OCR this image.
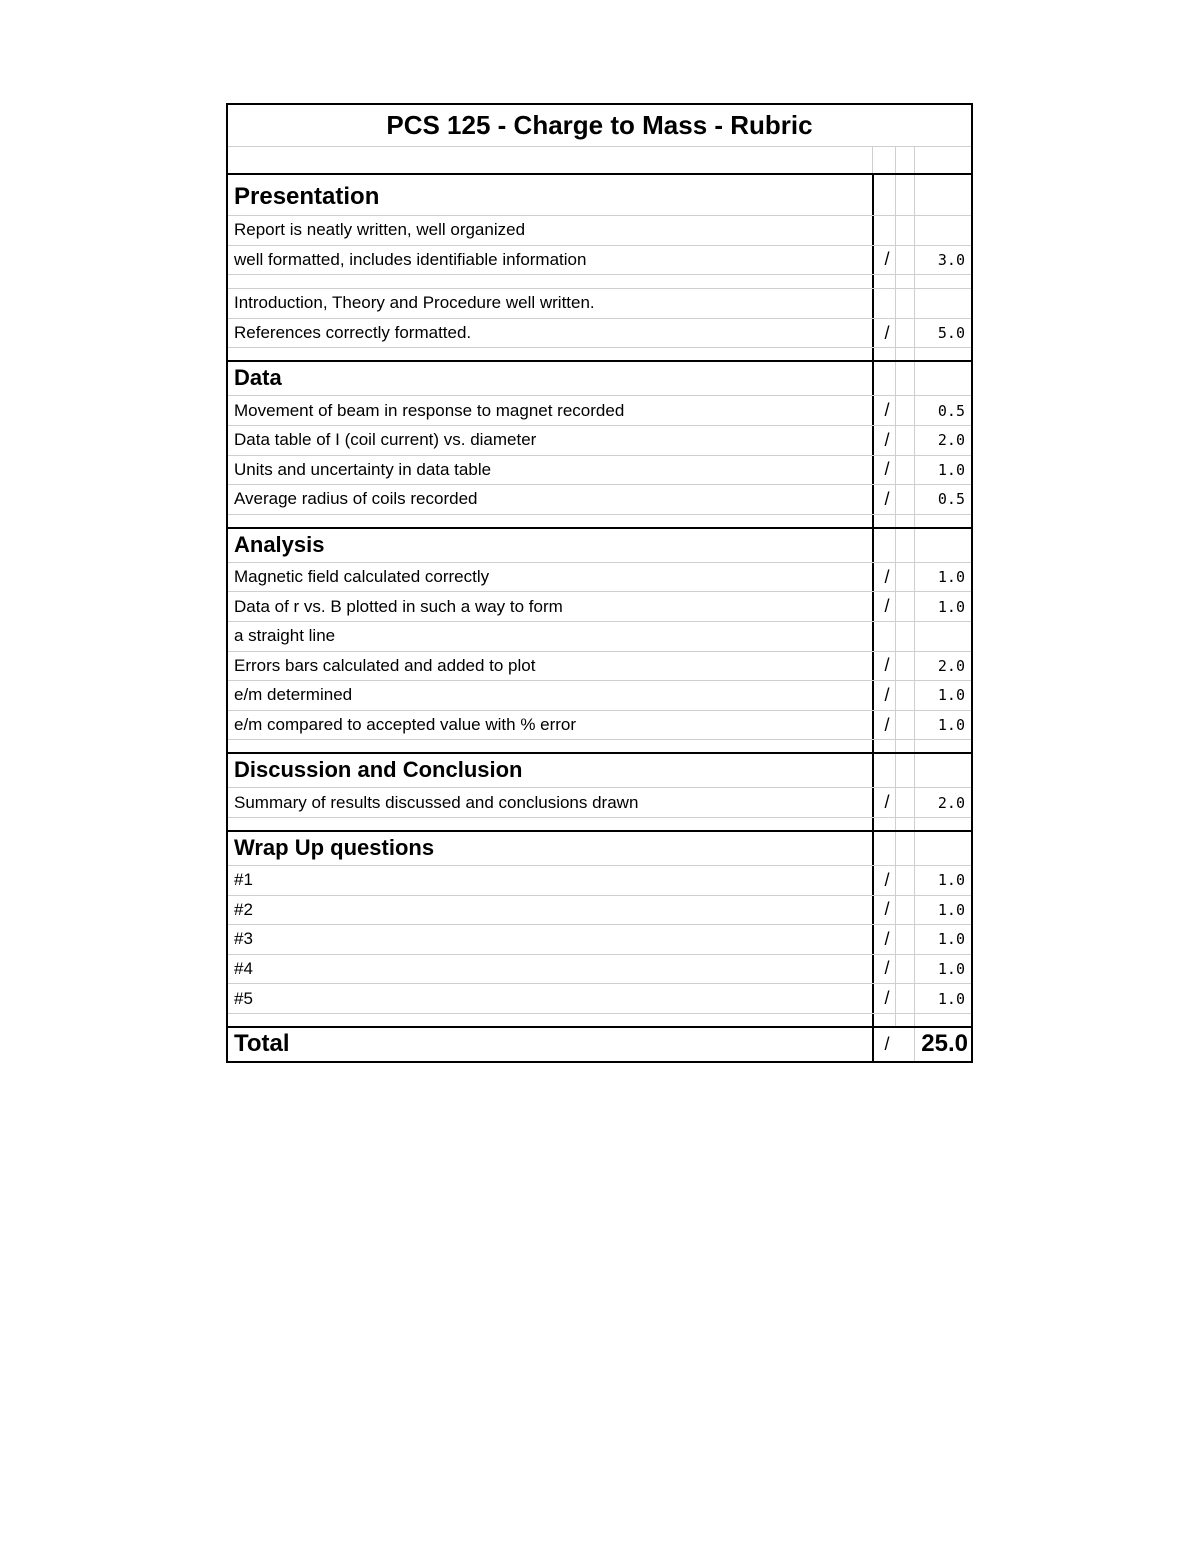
PCS 125 - Charge to Mass - Rubric
Presentation
Report is neatly written, well organized
well formatted, includes identifiable information	/	3.0
Introduction, Theory and Procedure well written.
References correctly formatted.	/	5.0
Data
Movement of beam in response to magnet recorded	/	0.5
Data table of I (coil current) vs. diameter	/	2.0
Units and uncertainty in data table	/	1.0
Average radius of coils recorded	/	0.5
Analysis
Magnetic field calculated correctly	/	1.0
Data of r vs. B plotted in such a way to form	/	1.0
a straight line
Errors bars calculated and added to plot	/	2.0
e/m determined	/	1.0
e/m compared to accepted value with % error	/	1.0
Discussion and Conclusion
Summary of results discussed and conclusions drawn	/	2.0
Wrap Up questions
#1	/	1.0
#2	/	1.0
#3	/	1.0
#4	/	1.0
#5	/	1.0
Total	/	25.0
